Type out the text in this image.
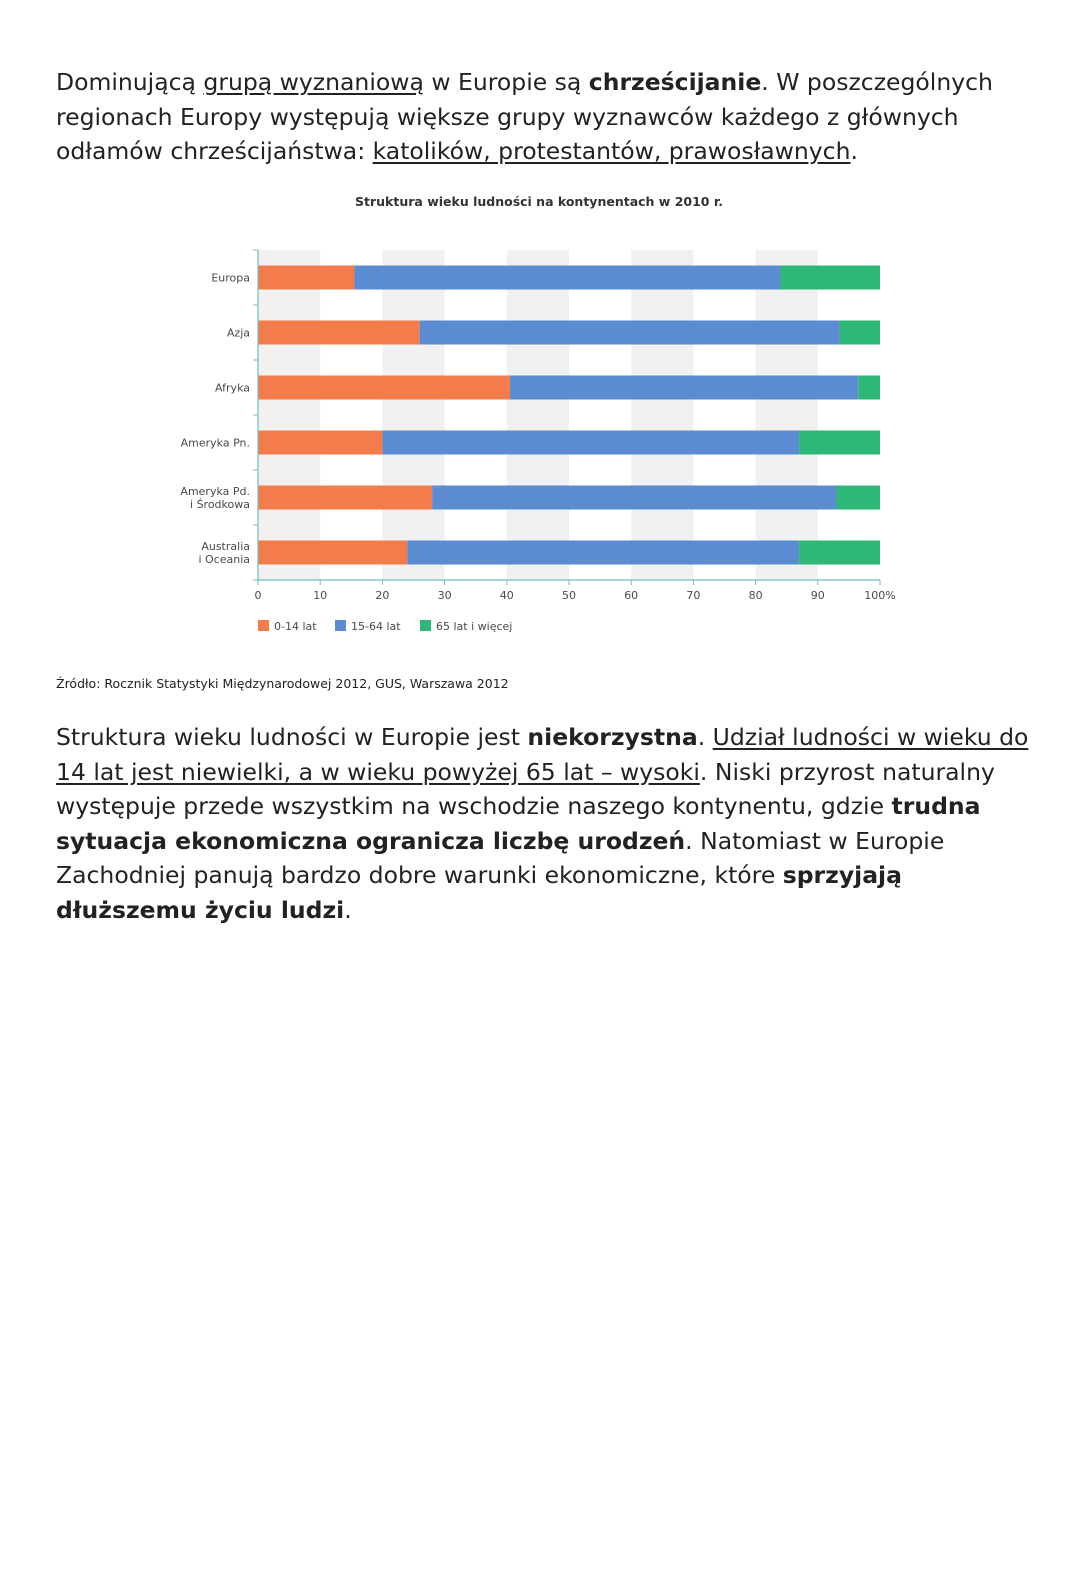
Dominującą grupą wyznaniową w Europie są chrześcijanie. W poszczególnych regionach Europy występują większe grupy wyznawców każdego z głównych odłamów chrześcijaństwa: katolików, protestantów, prawosławnych.

Struktura wieku ludności na kontynentach w 2010 r.
Europa
Azja
Afryka
Ameryka Pn.
Ameryka Pd. i Środkowa
Australia i Oceania
0	10	20	30	40	50	60	70	80	90	100%
0-14 lat	15-64 lat	65 lat i więcej

Źródło: Rocznik Statystyki Międzynarodowej 2012, GUS, Warszawa 2012

Struktura wieku ludności w Europie jest niekorzystna. Udział ludności w wieku do 14 lat jest niewielki, a w wieku powyżej 65 lat – wysoki. Niski przyrost naturalny występuje przede wszystkim na wschodzie naszego kontynentu, gdzie trudna sytuacja ekonomiczna ogranicza liczbę urodzeń. Natomiast w Europie Zachodniej panują bardzo dobre warunki ekonomiczne, które sprzyjają dłuższemu życiu ludzi.
